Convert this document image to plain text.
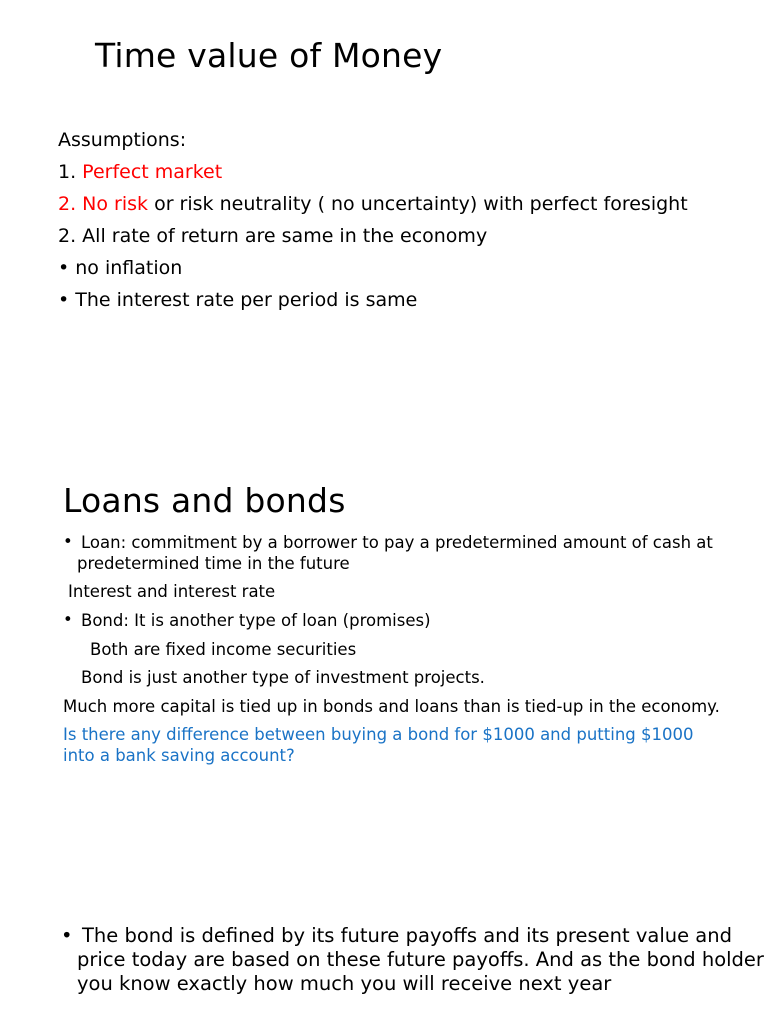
Time value of Money
Assumptions:
1. Perfect market
2. No risk or risk neutrality ( no uncertainty) with perfect foresight
2. All rate of return are same in the economy
• no inflation
• The interest rate per period is same
Loans and bonds
• Loan: commitment by a borrower to pay a predetermined amount of cash at
predetermined time in the future
Interest and interest rate
• Bond: It is another type of loan (promises)
Both are fixed income securities
Bond is just another type of investment projects.
Much more capital is tied up in bonds and loans than is tied-up in the economy.
Is there any difference between buying a bond for $1000 and putting $1000
into a bank saving account?
• The bond is defined by its future payoffs and its present value and
price today are based on these future payoffs. And as the bond holder
you know exactly how much you will receive next year
